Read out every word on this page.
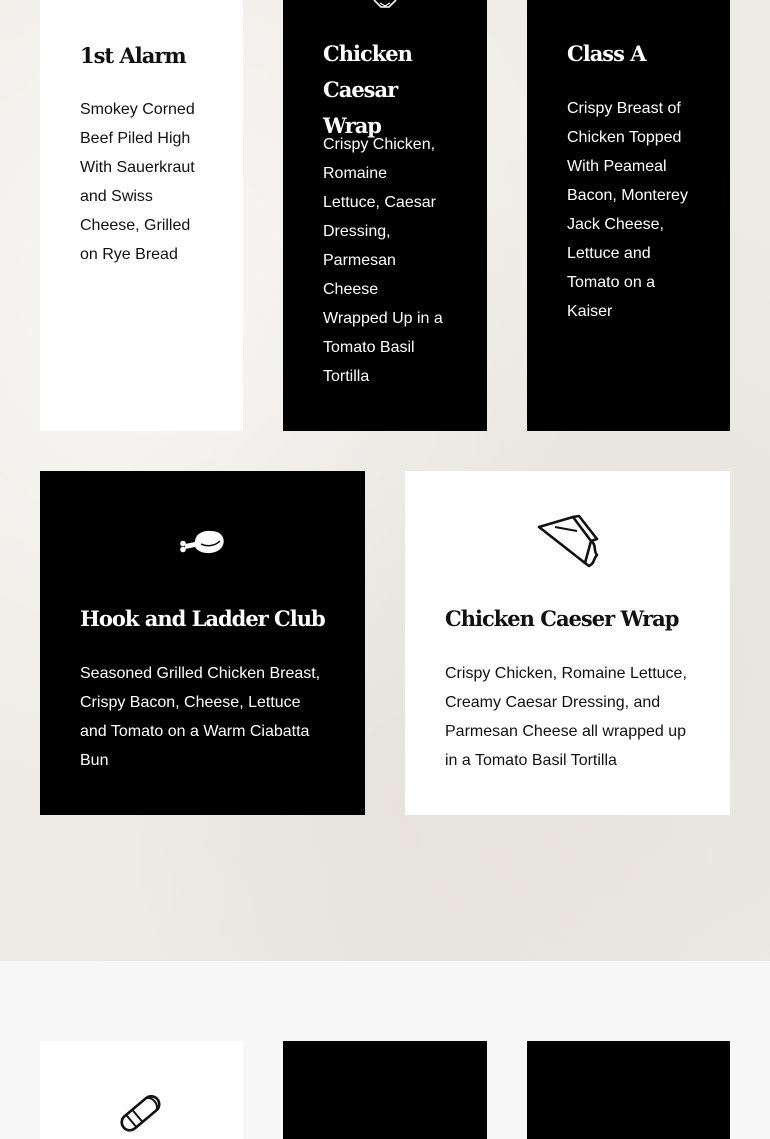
1st Alarm

Smokey Corned Beef Piled High With Sauerkraut and Swiss Cheese, Grilled on Rye Bread

Chicken Caesar Wrap

Crispy Chicken, Romaine Lettuce, Caesar Dressing, Parmesan Cheese Wrapped Up in a Tomato Basil Tortilla

Class A

Crispy Breast of Chicken Topped With Peameal Bacon, Monterey Jack Cheese, Lettuce and Tomato on a Kaiser

Hook and Ladder Club

Seasoned Grilled Chicken Breast, Crispy Bacon, Cheese, Lettuce and Tomato on a Warm Ciabatta Bun

Chicken Caeser Wrap

Crispy Chicken, Romaine Lettuce, Creamy Caesar Dressing, and Parmesan Cheese all wrapped up in a Tomato Basil Tortilla
